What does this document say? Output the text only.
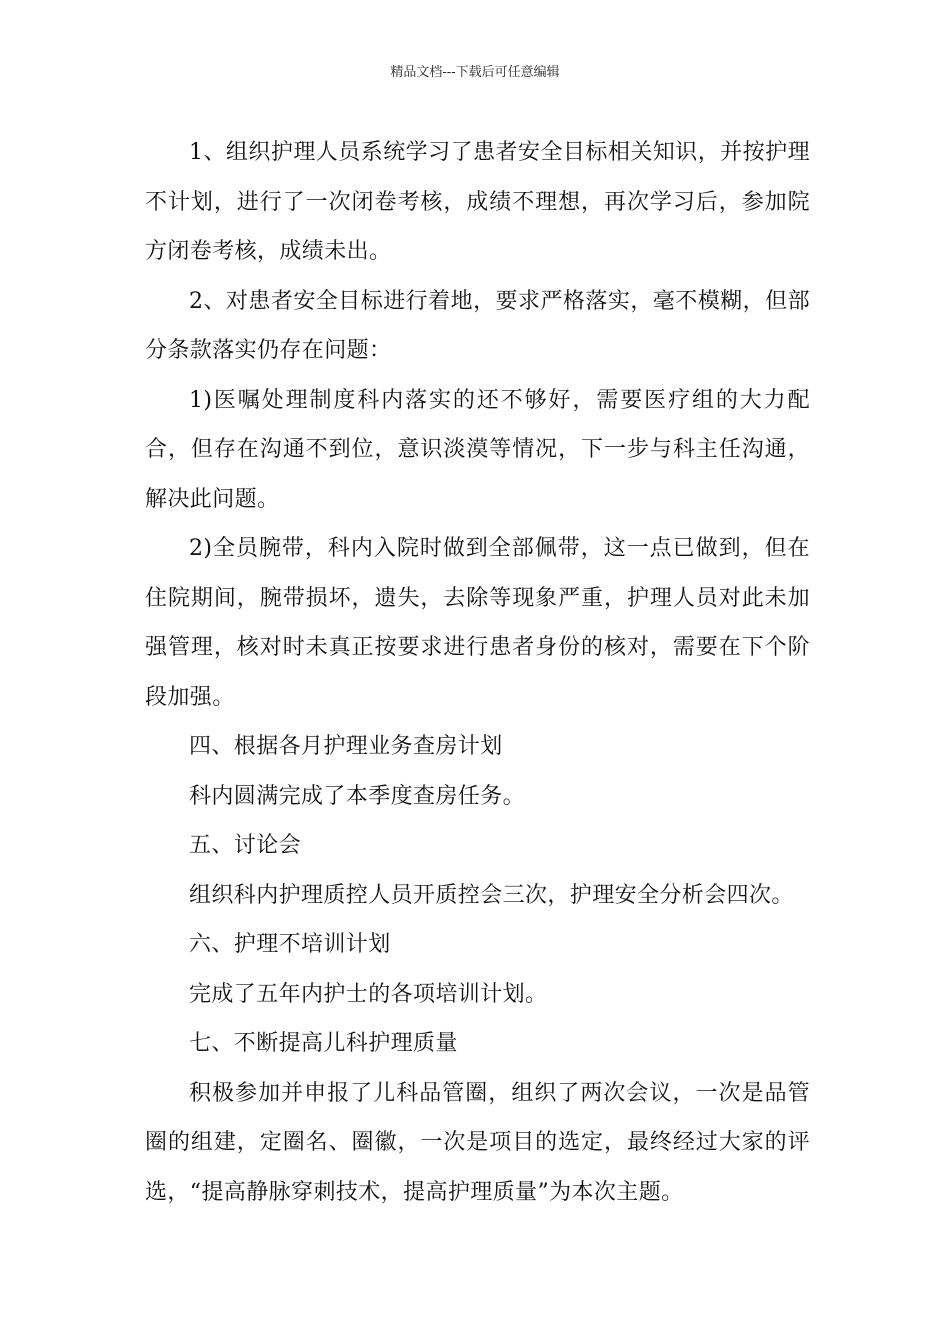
精品文档---下载后可任意编辑

1、组织护理人员系统学习了患者安全目标相关知识，并按护理不计划，进行了一次闭卷考核，成绩不理想，再次学习后，参加院方闭卷考核，成绩未出。

2、对患者安全目标进行着地，要求严格落实，毫不模糊，但部分条款落实仍存在问题：

1)医嘱处理制度科内落实的还不够好，需要医疗组的大力配合，但存在沟通不到位，意识淡漠等情况，下一步与科主任沟通，解决此问题。

2)全员腕带，科内入院时做到全部佩带，这一点已做到，但在住院期间，腕带损坏，遗失，去除等现象严重，护理人员对此未加强管理，核对时未真正按要求进行患者身份的核对，需要在下个阶段加强。

四、根据各月护理业务查房计划

科内圆满完成了本季度查房任务。

五、讨论会

组织科内护理质控人员开质控会三次，护理安全分析会四次。

六、护理不培训计划

完成了五年内护士的各项培训计划。

七、不断提高儿科护理质量

积极参加并申报了儿科品管圈，组织了两次会议，一次是品管圈的组建，定圈名、圈徽，一次是项目的选定，最终经过大家的评选，“提高静脉穿刺技术，提高护理质量”为本次主题。
